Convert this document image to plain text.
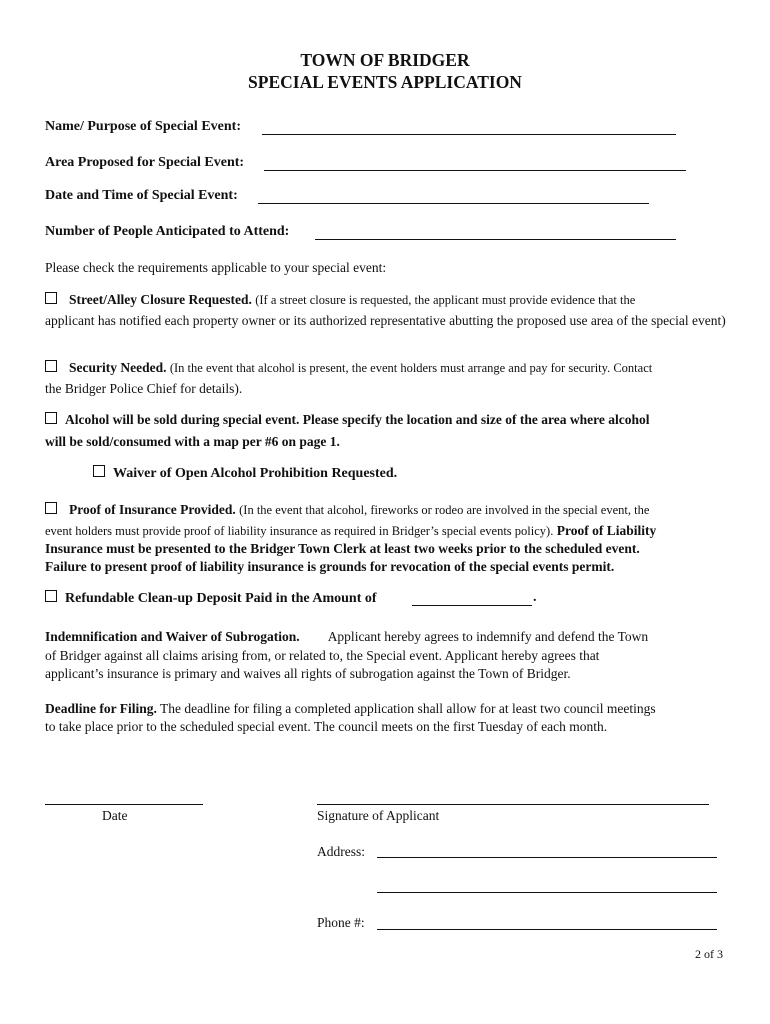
TOWN OF BRIDGER
SPECIAL EVENTS APPLICATION
Name/ Purpose of Special Event:
Area Proposed for Special Event:
Date and Time of Special Event:
Number of People Anticipated to Attend:
Please check the requirements applicable to your special event:
Street/Alley Closure Requested. (If a street closure is requested, the applicant must provide evidence that the
applicant has notified each property owner or its authorized representative abutting the proposed use area of the special event)
Security Needed. (In the event that alcohol is present, the event holders must arrange and pay for security. Contact
the Bridger Police Chief for details).
Alcohol will be sold during special event. Please specify the location and size of the area where alcohol
will be sold/consumed with a map per #6 on page 1.
Waiver of Open Alcohol Prohibition Requested.
Proof of Insurance Provided. (In the event that alcohol, fireworks or rodeo are involved in the special event, the
event holders must provide proof of liability insurance as required in Bridger’s special events policy). Proof of Liability
Insurance must be presented to the Bridger Town Clerk at least two weeks prior to the scheduled event.
Failure to present proof of liability insurance is grounds for revocation of the special events permit.
Refundable Clean-up Deposit Paid in the Amount of	.
Indemnification and Waiver of Subrogation. Applicant hereby agrees to indemnify and defend the Town
of Bridger against all claims arising from, or related to, the Special event. Applicant hereby agrees that
applicant’s insurance is primary and waives all rights of subrogation against the Town of Bridger.
Deadline for Filing. The deadline for filing a completed application shall allow for at least two council meetings
to take place prior to the scheduled special event. The council meets on the first Tuesday of each month.
Date	Signature of Applicant
Address:
Phone #:
2 of 3
